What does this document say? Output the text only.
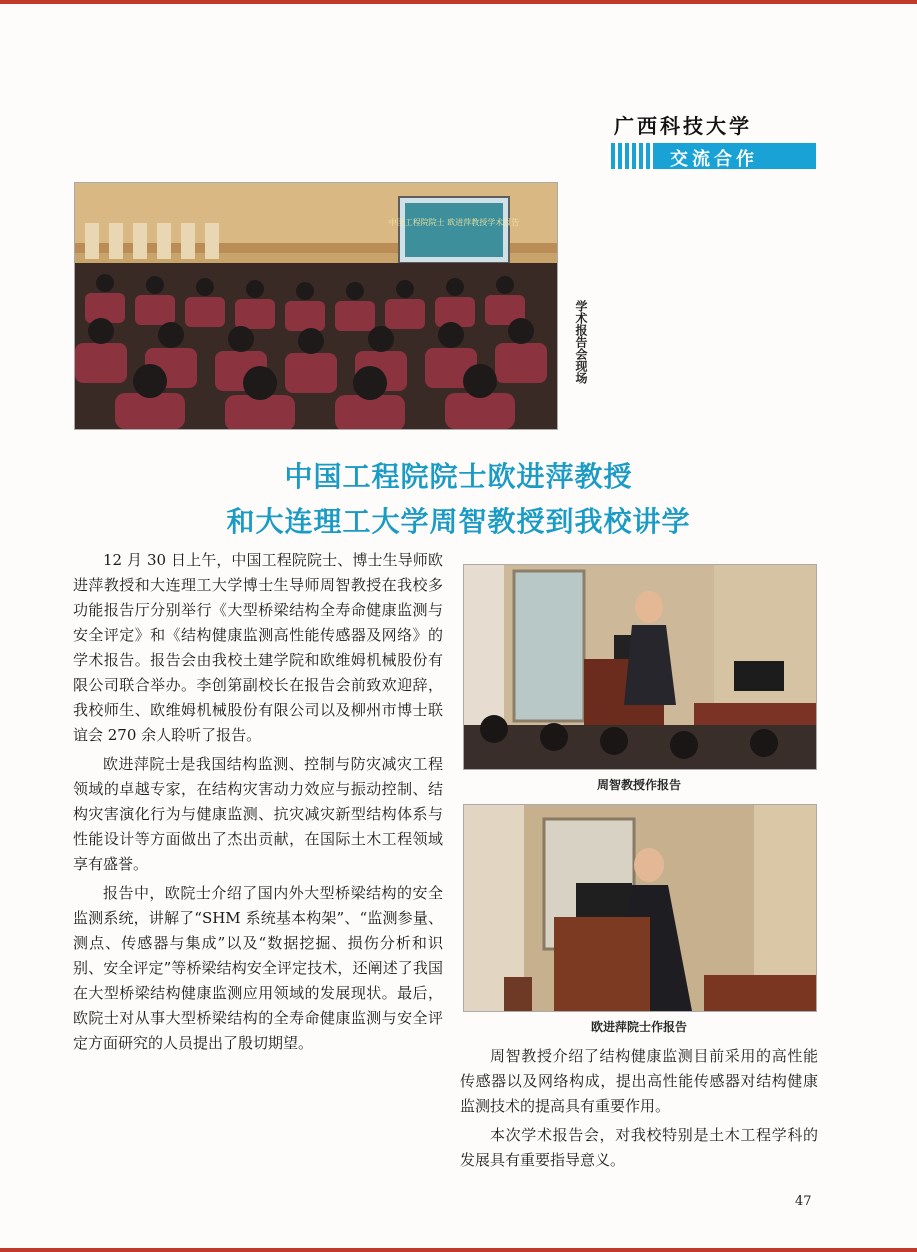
广西科技大学
交流合作
中国工程院院士 欧进萍教授学术报告
学术报告会现场
中国工程院院士欧进萍教授
和大连理工大学周智教授到我校讲学

12 月 30 日上午，中国工程院院士、博士生导师欧进萍教授和大连理工大学博士生导师周智教授在我校多功能报告厅分别举行《大型桥梁结构全寿命健康监测与安全评定》和《结构健康监测高性能传感器及网络》的学术报告。报告会由我校土建学院和欧维姆机械股份有限公司联合举办。李创第副校长在报告会前致欢迎辞，我校师生、欧维姆机械股份有限公司以及柳州市博士联谊会 270 余人聆听了报告。

欧进萍院士是我国结构监测、控制与防灾减灾工程领域的卓越专家，在结构灾害动力效应与振动控制、结构灾害演化行为与健康监测、抗灾减灾新型结构体系与性能设计等方面做出了杰出贡献，在国际土木工程领域享有盛誉。

报告中，欧院士介绍了国内外大型桥梁结构的安全监测系统，讲解了“SHM 系统基本构架”、“监测参量、测点、传感器与集成”以及“数据挖掘、损伤分析和识别、安全评定”等桥梁结构安全评定技术，还阐述了我国在大型桥梁结构健康监测应用领域的发展现状。最后，欧院士对从事大型桥梁结构的全寿命健康监测与安全评定方面研究的人员提出了殷切期望。

周智教授作报告
欧进萍院士作报告

周智教授介绍了结构健康监测目前采用的高性能传感器以及网络构成，提出高性能传感器对结构健康监测技术的提高具有重要作用。

本次学术报告会，对我校特别是土木工程学科的发展具有重要指导意义。

47
